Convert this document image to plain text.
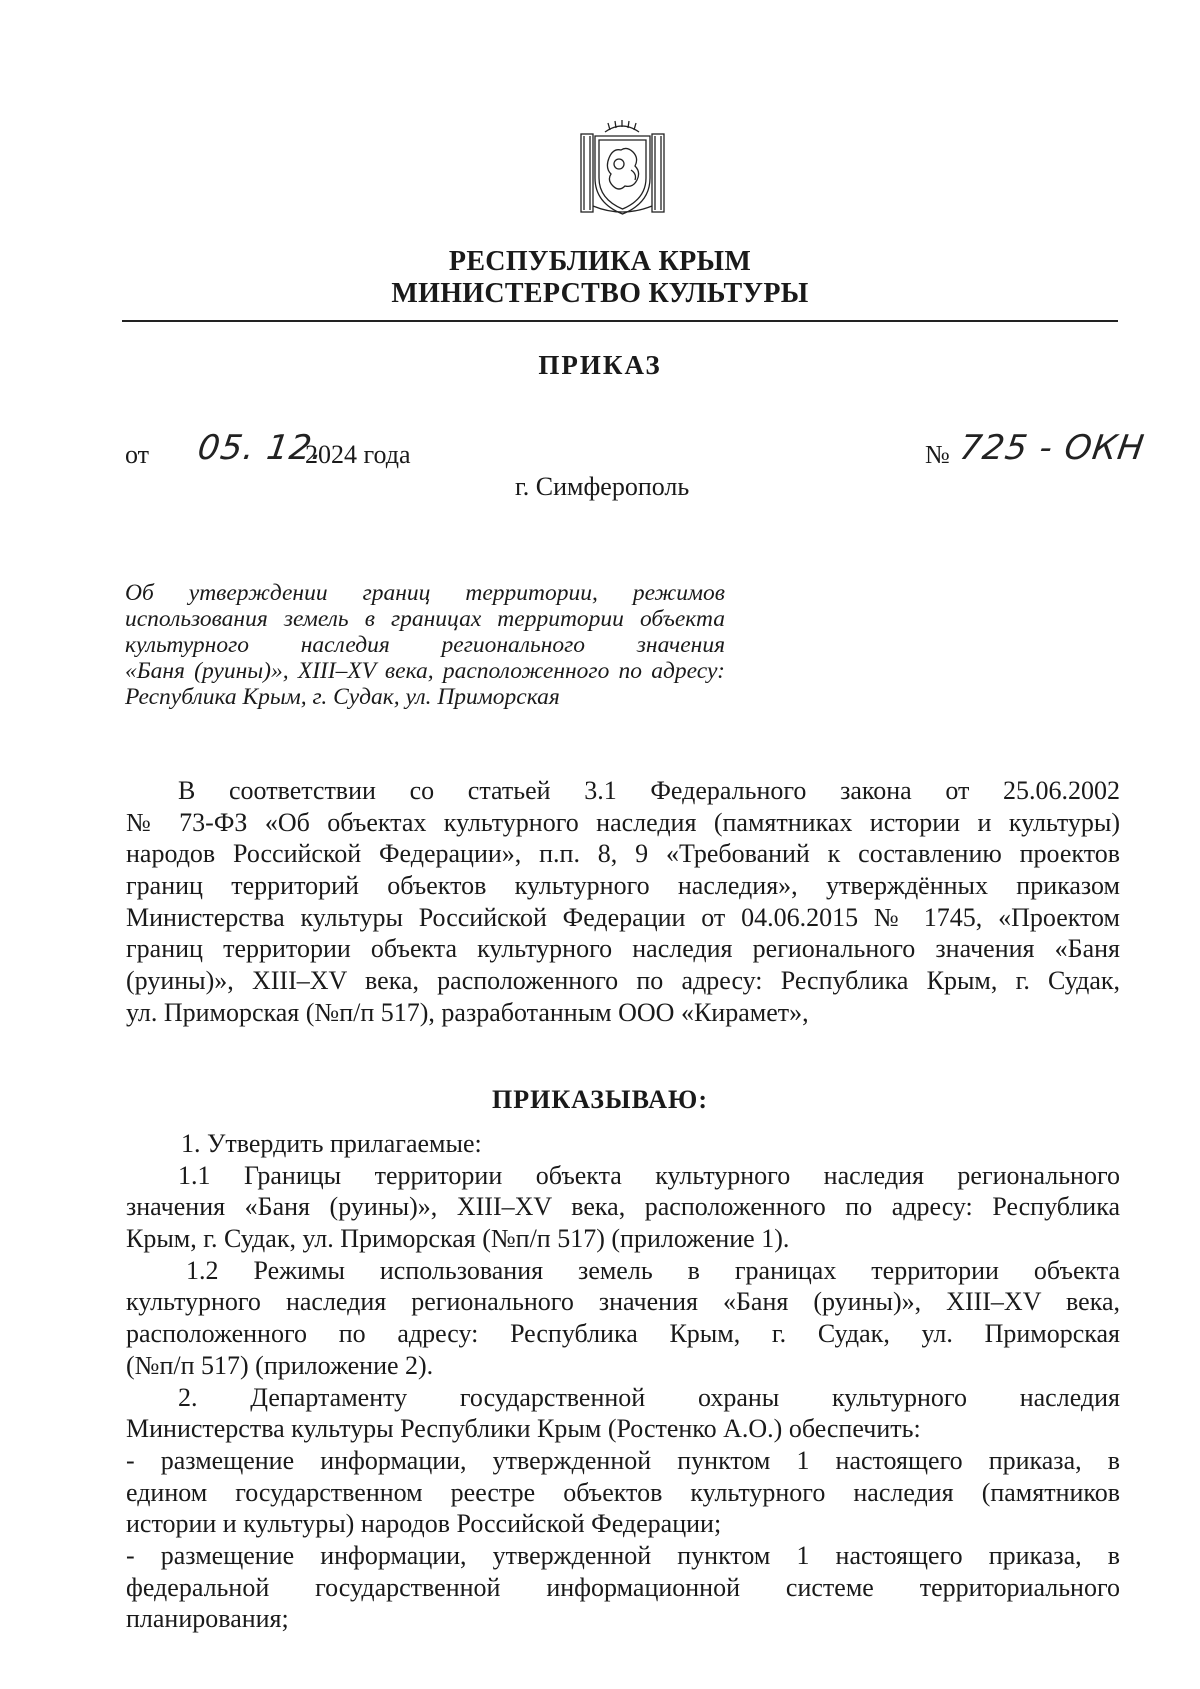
РЕСПУБЛИКА КРЫМ
МИНИСТЕРСТВО КУЛЬТУРЫ
ПРИКАЗ
от 05. 12.
2024 года	№ 725 - ОКН
г. Симферополь
Об утверждении границ территории, режимов
использования земель в границах территории объекта
культурного наследия регионального значения
«Баня (руины)», XIII–XV века, расположенного по адресу:
Республика Крым, г. Судак, ул. Приморская
В соответствии со статьей 3.1 Федерального закона от 25.06.2002
№ 73-ФЗ «Об объектах культурного наследия (памятниках истории и культуры)
народов Российской Федерации», п.п. 8, 9 «Требований к составлению проектов
границ территорий объектов культурного наследия», утверждённых приказом
Министерства культуры Российской Федерации от 04.06.2015 № 1745, «Проектом
границ территории объекта культурного наследия регионального значения «Баня
(руины)», XIII–XV века, расположенного по адресу: Республика Крым, г. Судак,
ул. Приморская (№п/п 517), разработанным ООО «Кирамет»,
ПРИКАЗЫВАЮ:
1. Утвердить прилагаемые:
1.1 Границы территории объекта культурного наследия регионального
значения «Баня (руины)», XIII–XV века, расположенного по адресу: Республика
Крым, г. Судак, ул. Приморская (№п/п 517) (приложение 1).
1.2 Режимы использования земель в границах территории объекта
культурного наследия регионального значения «Баня (руины)», XIII–XV века,
расположенного по адресу: Республика Крым, г. Судак, ул. Приморская
(№п/п 517) (приложение 2).
2. Департаменту государственной охраны культурного наследия
Министерства культуры Республики Крым (Ростенко А.О.) обеспечить:
- размещение информации, утвержденной пунктом 1 настоящего приказа, в
едином государственном реестре объектов культурного наследия (памятников
истории и культуры) народов Российской Федерации;
- размещение информации, утвержденной пунктом 1 настоящего приказа, в
федеральной государственной информационной системе территориального
планирования;
